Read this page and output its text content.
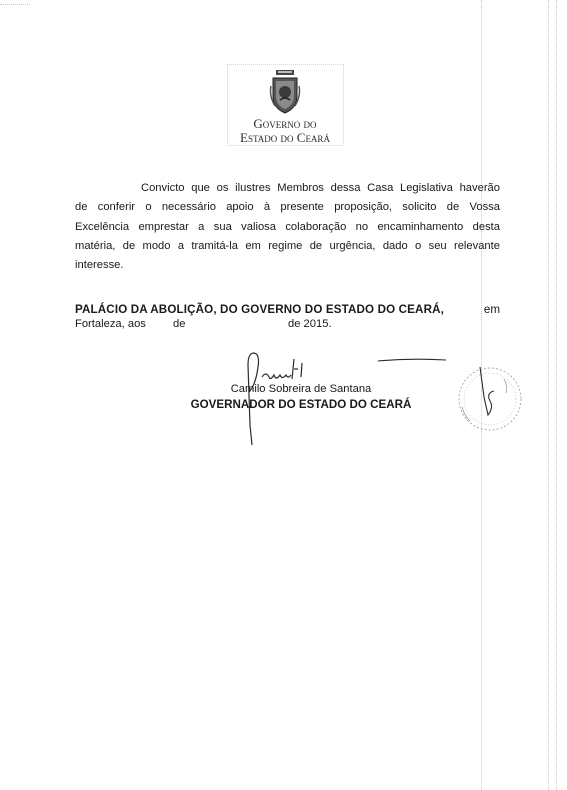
Governo do
Estado do Ceará
Convicto que os ilustres Membros dessa Casa Legislativa haverão
de conferir o necessário apoio à presente proposição, solicito de Vossa
Excelência emprestar a sua valiosa colaboração no encaminhamento desta
matéria, de modo a tramitá-la em regime de urgência, dado o seu relevante
interesse.
PALÁCIO DA ABOLIÇÃO, DO GOVERNO DO ESTADO DO CEARÁ,	em
Fortaleza, aos de	de 2015.
Camilo Sobreira de Santana
GOVERNADOR DO ESTADO DO CEARÁ
